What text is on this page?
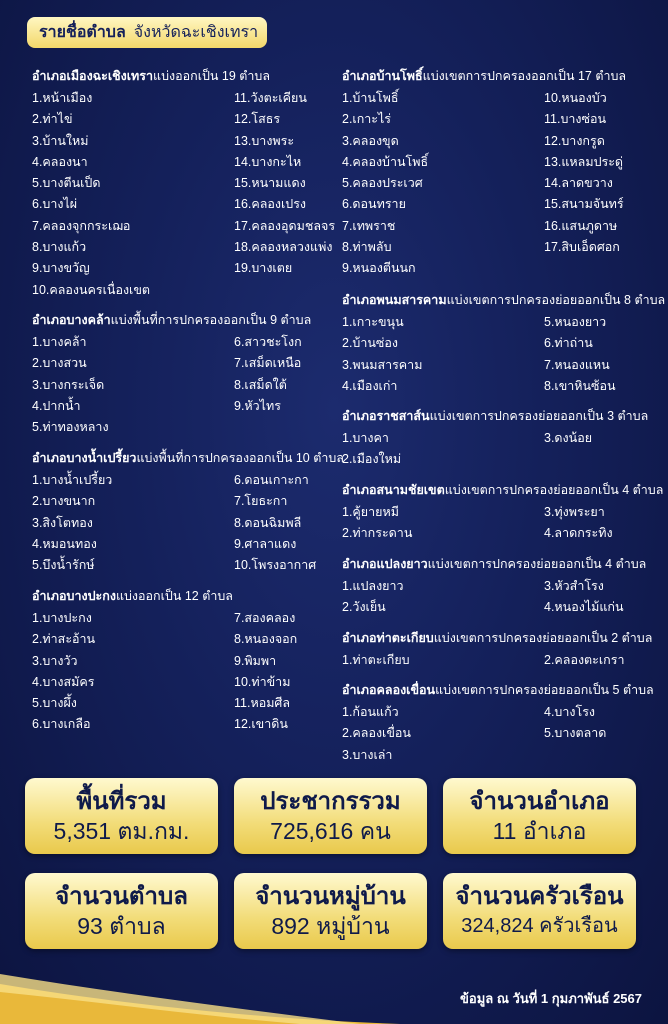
รายชื่อตำบล จังหวัดฉะเชิงเทรา
อำเภอเมืองฉะเชิงเทราแบ่งออกเป็น 19 ตำบล
1.หน้าเมือง	11.วังตะเคียน
2.ท่าไข่	12.โสธร
3.บ้านใหม่	13.บางพระ
4.คลองนา	14.บางกะไห
5.บางตีนเป็ด	15.หนามแดง
6.บางไผ่	16.คลองเปรง
7.คลองจุกกระเฌอ	17.คลองอุดมชลจร
8.บางแก้ว	18.คลองหลวงแพ่ง
9.บางขวัญ	19.บางเตย
10.คลองนครเนื่องเขต
อำเภอบางคล้าแบ่งพื้นที่การปกครองออกเป็น 9 ตำบล
1.บางคล้า	6.สาวชะโงก
2.บางสวน	7.เสม็ดเหนือ
3.บางกระเจ็ด	8.เสม็ดใต้
4.ปากน้ำ	9.หัวไทร
5.ท่าทองหลาง
อำเภอบางน้ำเปรี้ยวแบ่งพื้นที่การปกครองออกเป็น 10 ตำบล
1.บางน้ำเปรี้ยว	6.ดอนเกาะกา
2.บางขนาก	7.โยธะกา
3.สิงโตทอง	8.ดอนฉิมพลี
4.หมอนทอง	9.ศาลาแดง
5.บึงน้ำรักษ์	10.โพรงอากาศ
อำเภอบางปะกงแบ่งออกเป็น 12 ตำบล
1.บางปะกง	7.สองคลอง
2.ท่าสะอ้าน	8.หนองจอก
3.บางวัว	9.พิมพา
4.บางสมัคร	10.ท่าข้าม
5.บางผึ้ง	11.หอมศีล
6.บางเกลือ	12.เขาดิน
อำเภอบ้านโพธิ์แบ่งเขตการปกครองออกเป็น 17 ตำบล
1.บ้านโพธิ์	10.หนองบัว
2.เกาะไร่	11.บางซ่อน
3.คลองขุด	12.บางกรูด
4.คลองบ้านโพธิ์	13.แหลมประดู่
5.คลองประเวศ	14.ลาดขวาง
6.ดอนทราย	15.สนามจันทร์
7.เทพราช	16.แสนภูดาษ
8.ท่าพลับ	17.สิบเอ็ดศอก
9.หนองตีนนก
อำเภอพนมสารคามแบ่งเขตการปกครองย่อยออกเป็น 8 ตำบล
1.เกาะขนุน	5.หนองยาว
2.บ้านซ่อง	6.ท่าถ่าน
3.พนมสารคาม	7.หนองแหน
4.เมืองเก่า	8.เขาหินซ้อน
อำเภอราชสาส์นแบ่งเขตการปกครองย่อยออกเป็น 3 ตำบล
1.บางคา	3.ดงน้อย
2.เมืองใหม่
อำเภอสนามชัยเขตแบ่งเขตการปกครองย่อยออกเป็น 4 ตำบล
1.คู้ยายหมี	3.ทุ่งพระยา
2.ท่ากระดาน	4.ลาดกระทิง
อำเภอแปลงยาวแบ่งเขตการปกครองย่อยออกเป็น 4 ตำบล
1.แปลงยาว	3.หัวสำโรง
2.วังเย็น	4.หนองไม้แก่น
อำเภอท่าตะเกียบแบ่งเขตการปกครองย่อยออกเป็น 2 ตำบล
1.ท่าตะเกียบ	2.คลองตะเกรา
อำเภอคลองเขื่อนแบ่งเขตการปกครองย่อยออกเป็น 5 ตำบล
1.ก้อนแก้ว	4.บางโรง
2.คลองเขื่อน	5.บางตลาด
3.บางเล่า
พื้นที่รวม
5,351 ตม.กม.
ประชากรรวม
725,616 คน
จำนวนอำเภอ
11 อำเภอ
จำนวนตำบล
93 ตำบล
จำนวนหมู่บ้าน
892 หมู่บ้าน
จำนวนครัวเรือน
324,824 ครัวเรือน
ข้อมูล ณ วันที่ 1 กุมภาพันธ์ 2567
